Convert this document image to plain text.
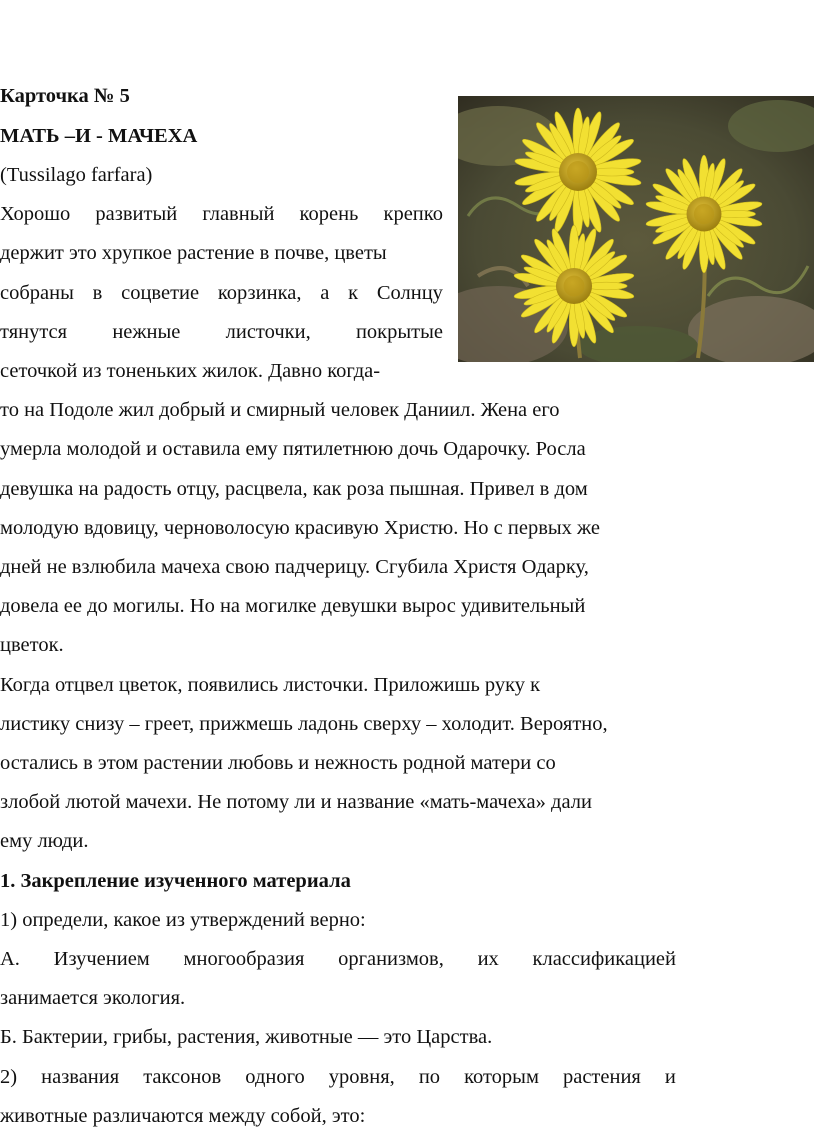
Карточка № 5
МАТЬ –И - МАЧЕХА
(Tussilago farfara)
Хорошо развитый главный корень крепко
держит это хрупкое растение в почве, цветы
собраны в соцветие корзинка, а к Солнцу
тянутся нежные листочки, покрытые
сеточкой из тоненьких жилок. Давно когда-
то на Подоле жил добрый и смирный человек Даниил. Жена его
умерла молодой и оставила ему пятилетнюю дочь Одарочку. Росла
девушка на радость отцу, расцвела, как роза пышная. Привел в дом
молодую вдовицу, черноволосую красивую Христю. Но с первых же
дней не взлюбила мачеха свою падчерицу. Сгубила Христя Одарку,
довела ее до могилы. Но на могилке девушки вырос удивительный
цветок.
Когда отцвел цветок, появились листочки. Приложишь руку к
листику снизу – греет, прижмешь ладонь сверху – холодит. Вероятно,
остались в этом растении любовь и нежность родной матери со
злобой лютой мачехи. Не потому ли и название «мать-мачеха» дали
ему люди.
1. Закрепление изученного материала
1) определи, какое из утверждений верно:
А. Изучением многообразия организмов, их классификацией
занимается экология.
Б. Бактерии, грибы, растения, животные — это Царства.
2) названия таксонов одного уровня, по которым растения и
животные различаются между собой, это:
